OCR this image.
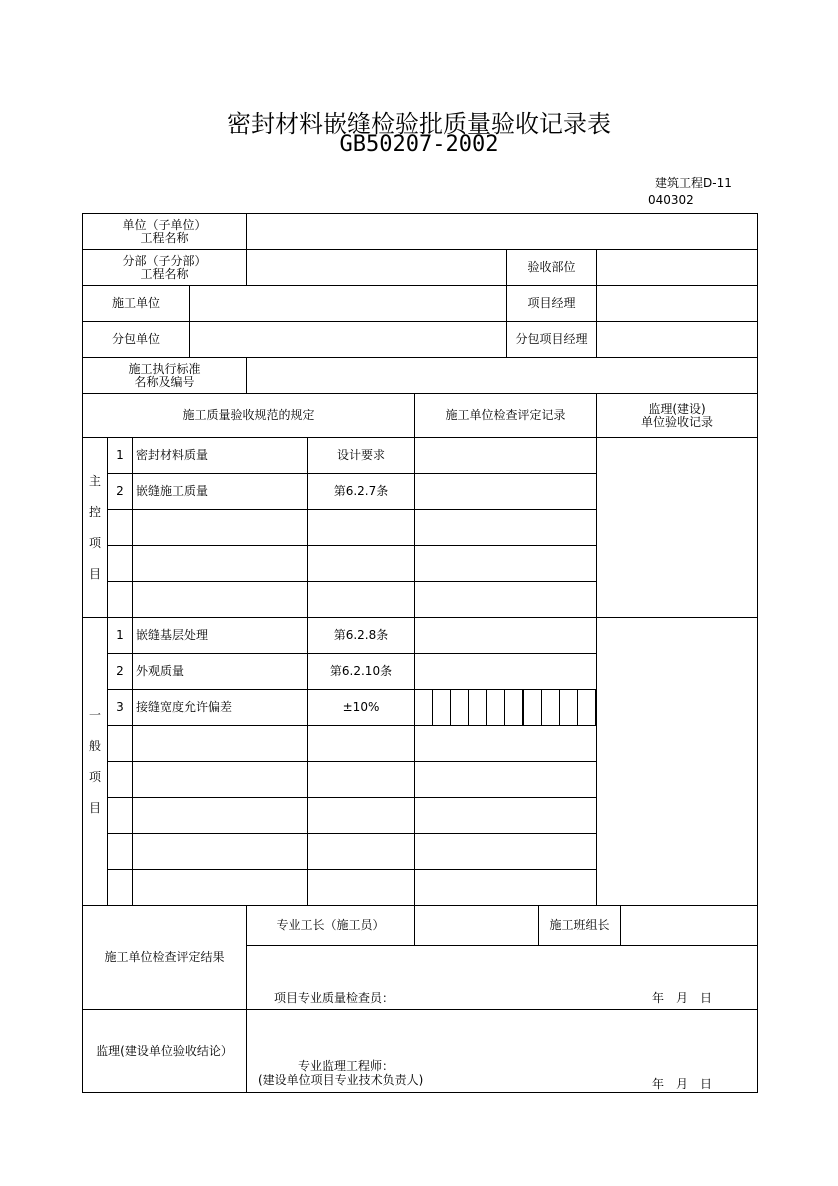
密封材料嵌缝检验批质量验收记录表
GB50207-2002
建筑工程D-11
040302
单位（子单位）
工程名称
分部（子分部）
工程名称	验收部位
施工单位	项目经理
分包单位	分包项目经理
施工执行标准
名称及编号
施工质量验收规范的规定	施工单位检查评定记录	监理(建设)
单位验收记录
主
控
项
目
1	密封材料质量	设计要求
2	嵌缝施工质量	第6.2.7条
一
般
项
目
1	嵌缝基层处理	第6.2.8条
2	外观质量	第6.2.10条
3	接缝宽度允许偏差	±10%
施工单位检查评定结果
专业工长（施工员）	施工班组长
项目专业质量检查员：	年　月　日
监理(建设单位验收结论）
专业监理工程师：
(建设单位项目专业技术负责人)	年　月　日
